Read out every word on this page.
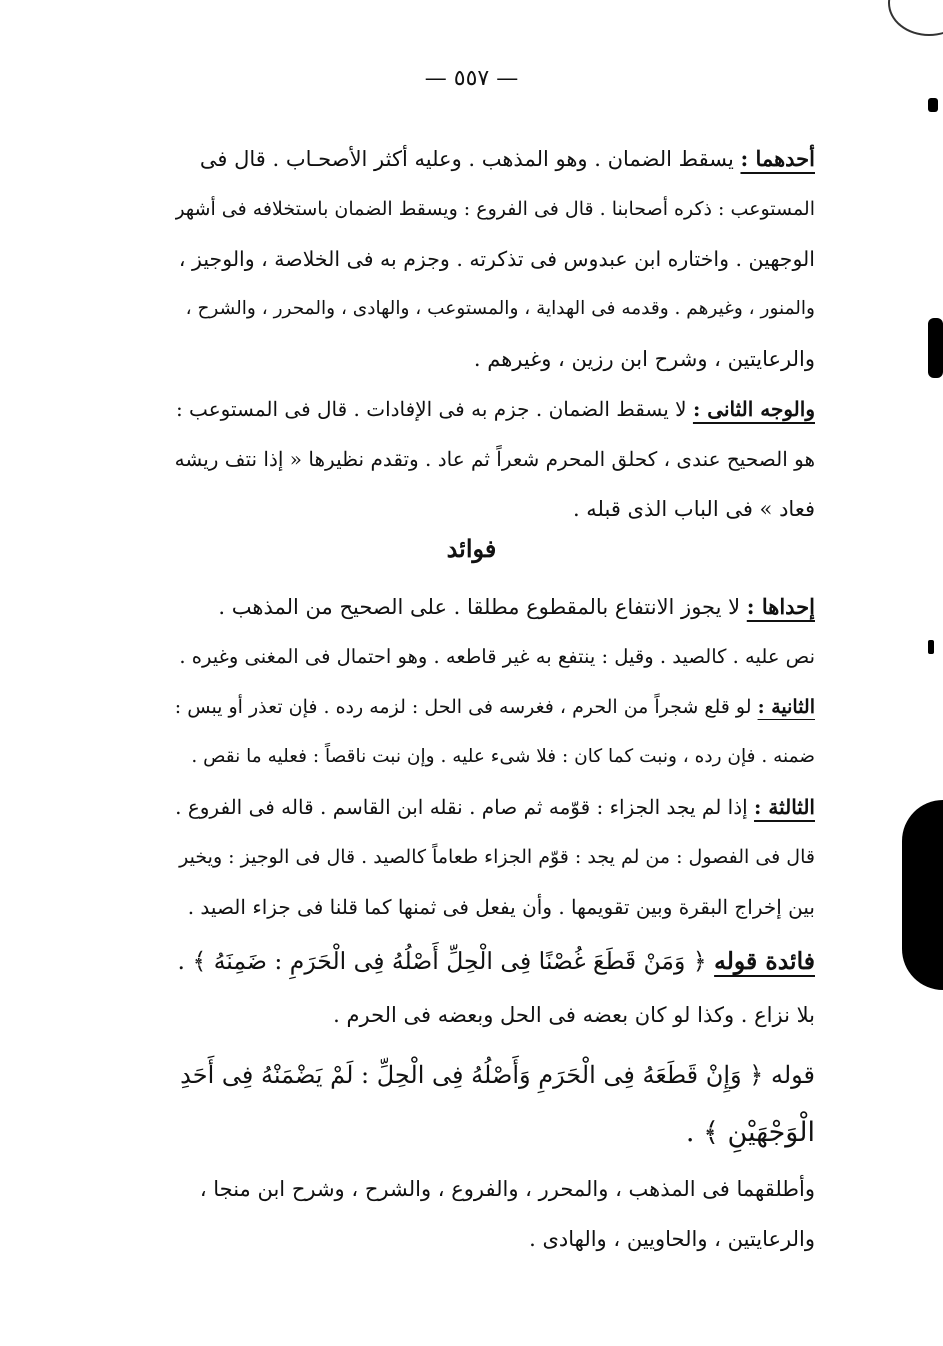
— ٥٥٧ —
أحدهما : يسقط الضمان . وهو المذهب . وعليه أكثر الأصحـاب . قال فى
المستوعب : ذكره أصحابنا . قال فى الفروع : ويسقط الضمان باستخلافه فى أشهر
الوجهين . واختاره ابن عبدوس فى تذكرته . وجزم به فى الخلاصة ، والوجيز ،
والمنور ، وغيرهم . وقدمه فى الهداية ، والمستوعب ، والهادى ، والمحرر ، والشرح ،
والرعايتين ، وشرح ابن رزين ، وغيرهم .
والوجه الثانى : لا يسقط الضمان . جزم به فى الإفادات . قال فى المستوعب :
هو الصحيح عندى ، كحلق المحرم شعراً ثم عاد . وتقدم نظيرها « إذا نتف ريشه
فعاد » فى الباب الذى قبله .
فوائد
إحداها : لا يجوز الانتفاع بالمقطوع مطلقا . على الصحيح من المذهب .
نص عليه . كالصيد . وقيل : ينتفع به غير قاطعه . وهو احتمال فى المغنى وغيره .
الثانية : لو قلع شجراً من الحرم ، فغرسه فى الحل : لزمه رده . فإن تعذر أو يبس :
ضمنه . فإن رده ، ونبت كما كان : فلا شىء عليه . وإن نبت ناقصاً : فعليه ما نقص .
الثالثة : إذا لم يجد الجزاء : قوّمه ثم صام . نقله ابن القاسم . قاله فى الفروع .
قال فى الفصول : من لم يجد : قوّم الجزاء طعاماً كالصيد . قال فى الوجيز : ويخير
بين إخراج البقرة وبين تقويمها . وأن يفعل فى ثمنها كما قلنا فى جزاء الصيد .
فائدة قوله ﴿ وَمَنْ قَطَعَ غُصْنًا فِى الْحِلِّ أَصْلُهُ فِى الْحَرَمِ : ضَمِنَهُ ﴾ .
بلا نزاع . وكذا لو كان بعضه فى الحل وبعضه فى الحرم .
قوله ﴿ وَإِنْ قَطَعَهُ فِى الْحَرَمِ وَأَصْلُهُ فِى الْحِلِّ : لَمْ يَضْمَنْهُ فِى أَحَدِ
الْوَجْهَيْنِ ﴾ .
وأطلقهما فى المذهب ، والمحرر ، والفروع ، والشرح ، وشرح ابن منجا ،
والرعايتين ، والحاويين ، والهادى .
